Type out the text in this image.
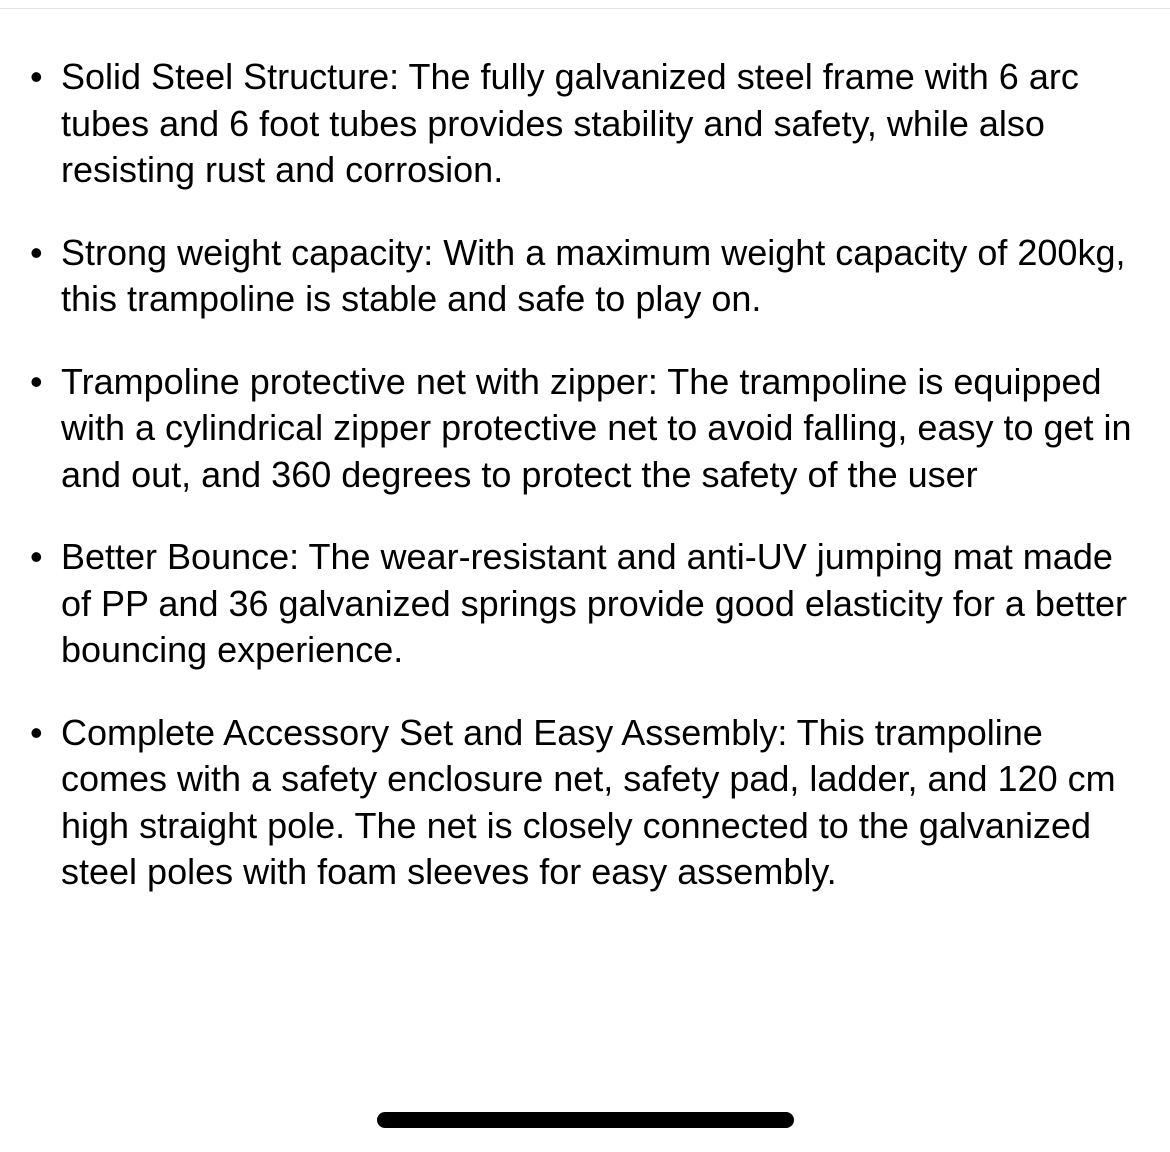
• Solid Steel Structure: The fully galvanized steel frame with 6 arc tubes and 6 foot tubes provides stability and safety, while also resisting rust and corrosion.
• Strong weight capacity: With a maximum weight capacity of 200kg, this trampoline is stable and safe to play on.
• Trampoline protective net with zipper: The trampoline is equipped with a cylindrical zipper protective net to avoid falling, easy to get in and out, and 360 degrees to protect the safety of the user
• Better Bounce: The wear-resistant and anti-UV jumping mat made of PP and 36 galvanized springs provide good elasticity for a better bouncing experience.
• Complete Accessory Set and Easy Assembly: This trampoline comes with a safety enclosure net, safety pad, ladder, and 120 cm high straight pole. The net is closely connected to the galvanized steel poles with foam sleeves for easy assembly.
